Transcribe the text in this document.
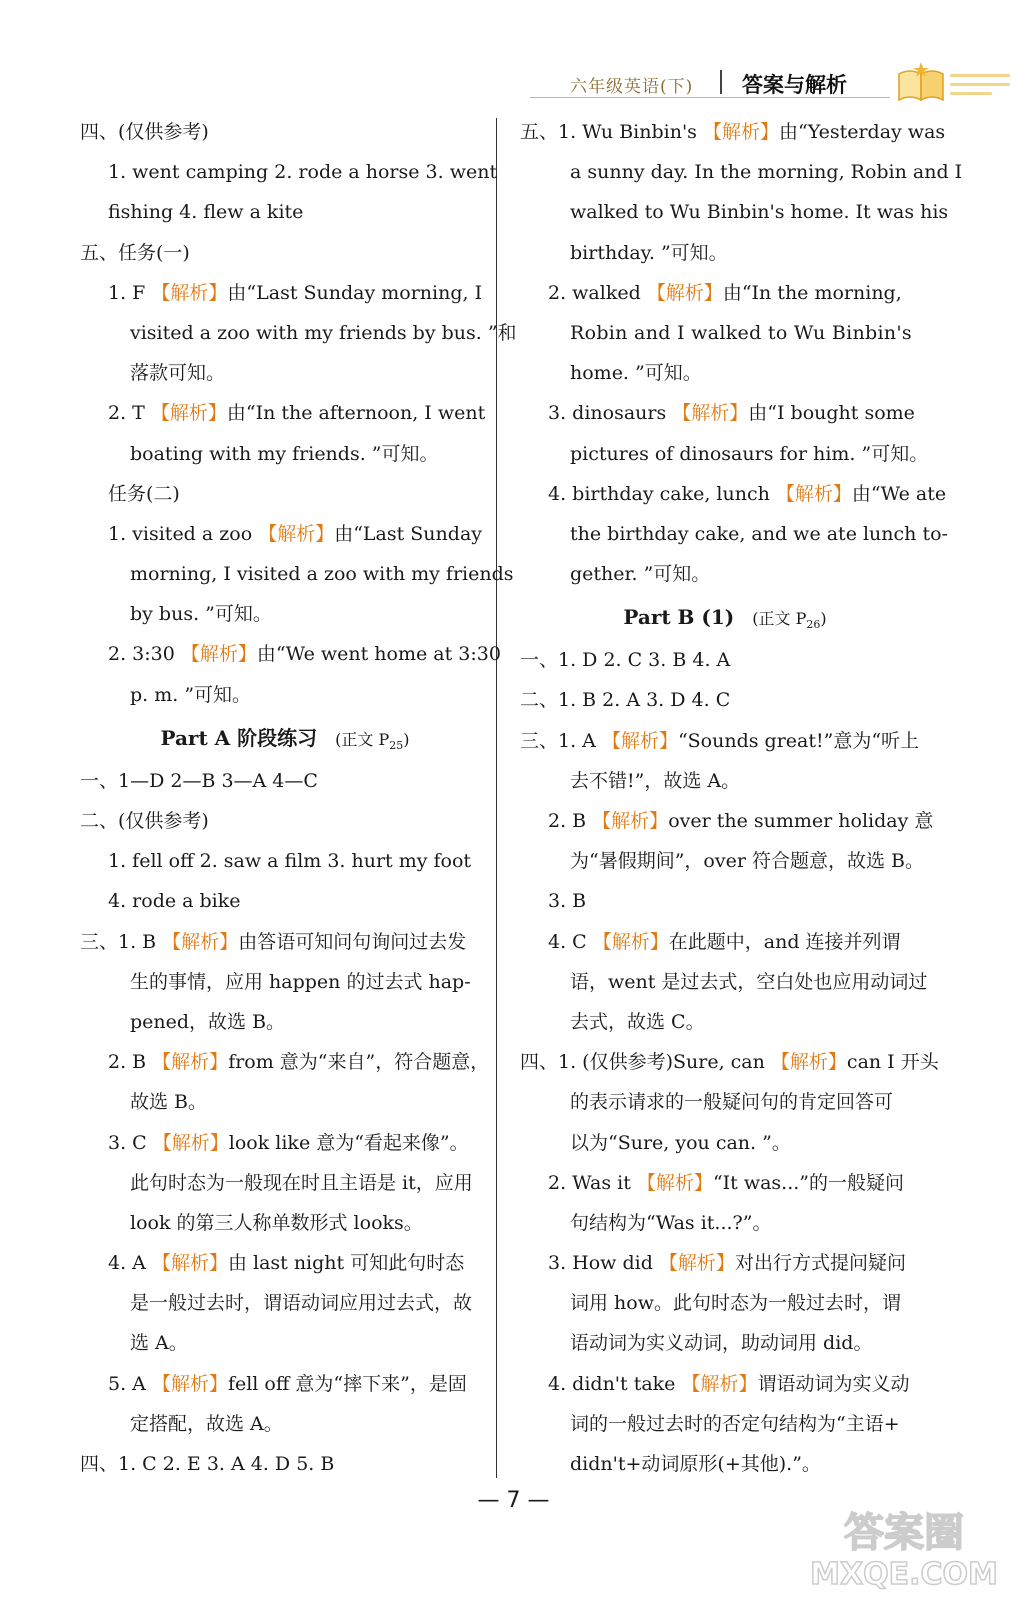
六年级英语(下) 答案与解析
四、(仅供参考)
1. went camping 2. rode a horse 3. went
fishing 4. flew a kite
五、任务(一)
1. F 【解析】由“Last Sunday morning, I
visited a zoo with my friends by bus. ”和
落款可知。
2. T 【解析】由“In the afternoon, I went
boating with my friends. ”可知。
任务(二)
1. visited a zoo 【解析】由“Last Sunday
morning, I visited a zoo with my friends
by bus. ”可知。
2. 3:30 【解析】由“We went home at 3:30
p. m. ”可知。
Part A 阶段练习 (正文 $P_{25}$)
一、1—D 2—B 3—A 4—C
二、(仅供参考)
1. fell off 2. saw a film 3. hurt my foot
4. rode a bike
三、1. B 【解析】由答语可知问句询问过去发
生的事情，应用 happen 的过去式 hap-
pened，故选 B。
2. B 【解析】from 意为“来自”，符合题意，
故选 B。
3. C 【解析】look like 意为“看起来像”。
此句时态为一般现在时且主语是 it，应用
look 的第三人称单数形式 looks。
4. A 【解析】由 last night 可知此句时态
是一般过去时，谓语动词应用过去式，故
选 A。
5. A 【解析】fell off 意为“摔下来”，是固
定搭配，故选 A。
四、1. C 2. E 3. A 4. D 5. B
五、1. Wu Binbin's 【解析】由“Yesterday was
a sunny day. In the morning, Robin and I
walked to Wu Binbin's home. It was his
birthday. ”可知。
2. walked 【解析】由“In the morning,
Robin and I walked to Wu Binbin's
home. ”可知。
3. dinosaurs 【解析】由“I bought some
pictures of dinosaurs for him. ”可知。
4. birthday cake, lunch 【解析】由“We ate
the birthday cake, and we ate lunch to-
gether. ”可知。
Part B (1) (正文 $P_{26}$)
一、1. D 2. C 3. B 4. A
二、1. B 2. A 3. D 4. C
三、1. A 【解析】“Sounds great!”意为“听上
去不错!”，故选 A。
2. B 【解析】over the summer holiday 意
为“暑假期间”，over 符合题意，故选 B。
3. B
4. C 【解析】在此题中，and 连接并列谓
语，went 是过去式，空白处也应用动词过
去式，故选 C。
四、1. (仅供参考)Sure, can 【解析】can I 开头
的表示请求的一般疑问句的肯定回答可
以为“Sure, you can. ”。
2. Was it 【解析】“It was...”的一般疑问
句结构为“Was it...?”。
3. How did 【解析】对出行方式提问疑问
词用 how。此句时态为一般过去时，谓
语动词为实义动词，助动词用 did。
4. didn't take 【解析】谓语动词为实义动
词的一般过去时的否定句结构为“主语+
didn't+动词原形(+其他).”。
— 7 —
答案圈
MXQE.COM
